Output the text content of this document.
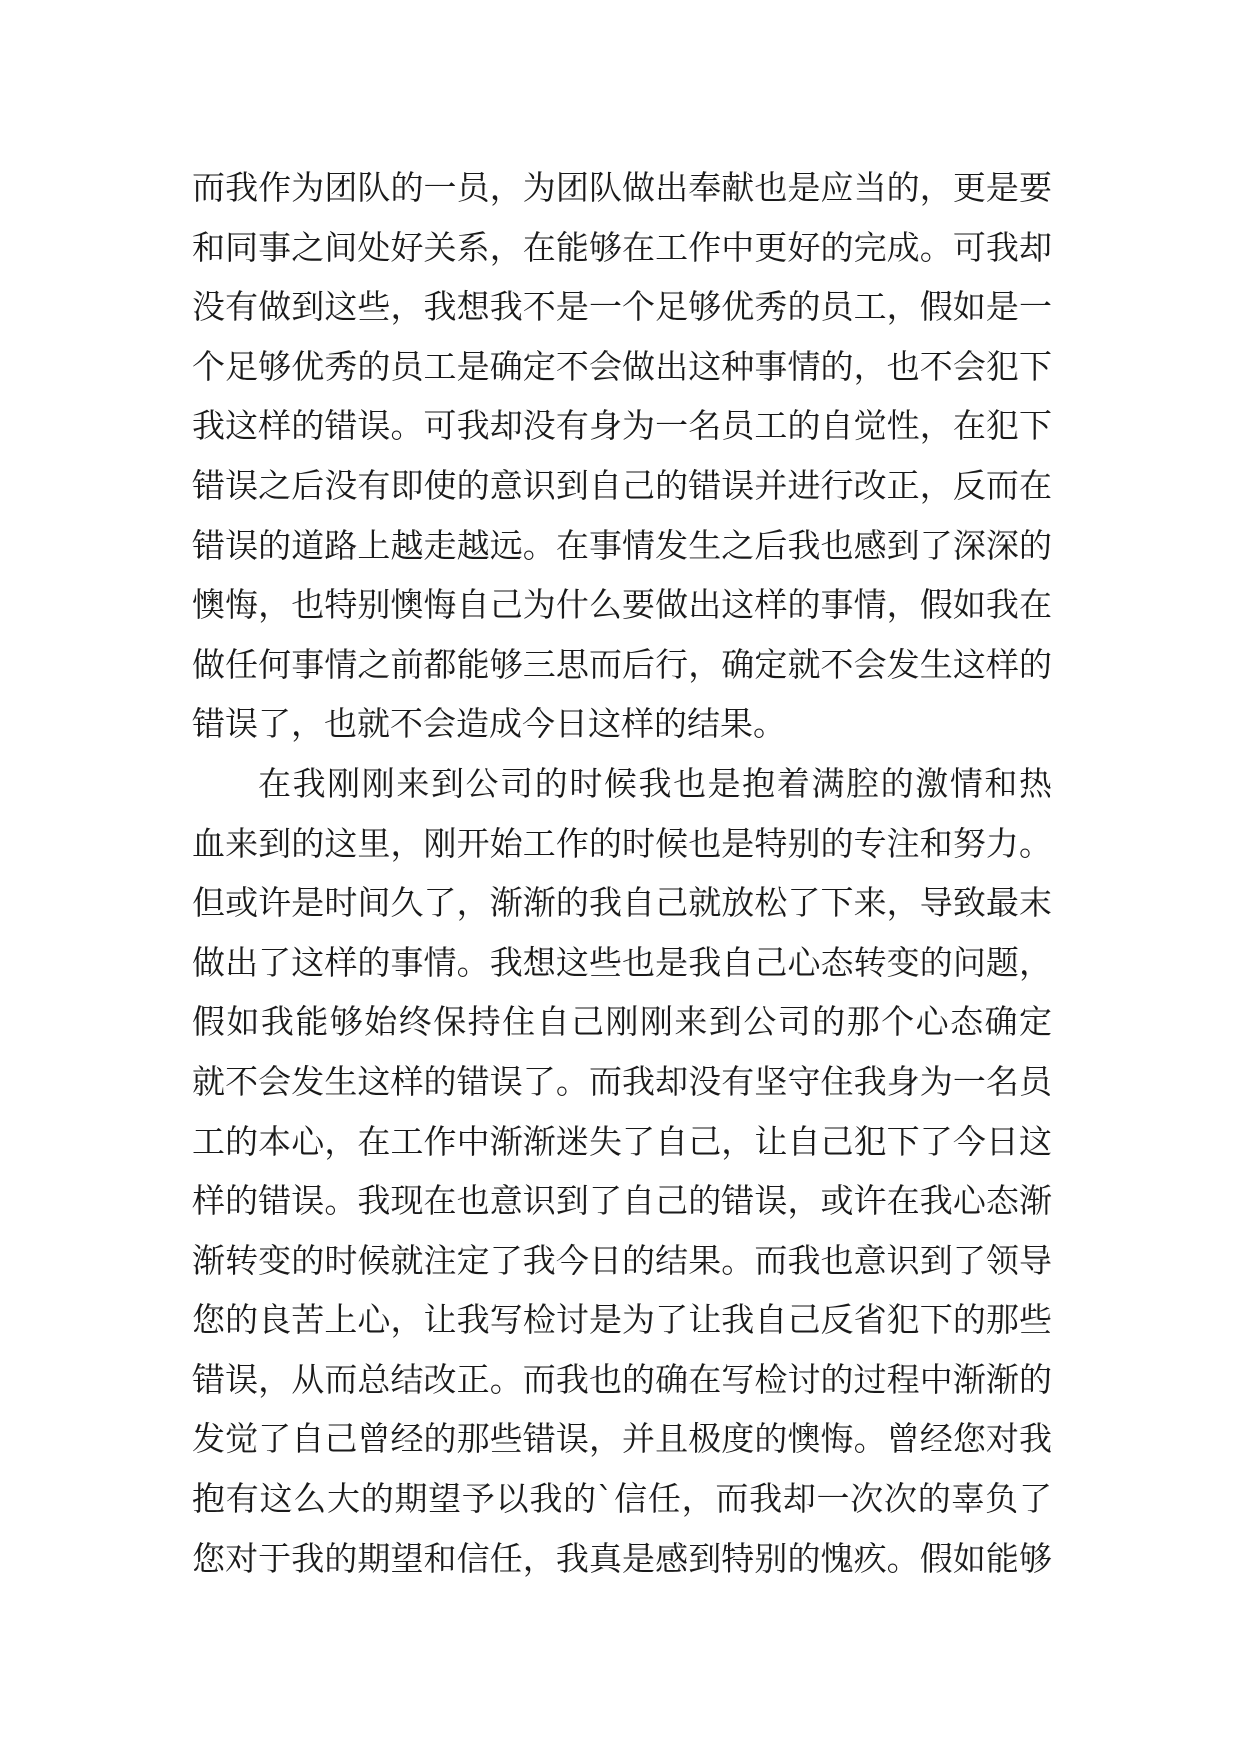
而我作为团队的一员，为团队做出奉献也是应当的，更是要
和同事之间处好关系，在能够在工作中更好的完成。可我却
没有做到这些，我想我不是一个足够优秀的员工，假如是一
个足够优秀的员工是确定不会做出这种事情的，也不会犯下
我这样的错误。可我却没有身为一名员工的自觉性，在犯下
错误之后没有即使的意识到自己的错误并进行改正，反而在
错误的道路上越走越远。在事情发生之后我也感到了深深的
懊悔，也特别懊悔自己为什么要做出这样的事情，假如我在
做任何事情之前都能够三思而后行，确定就不会发生这样的
错误了，也就不会造成今日这样的结果。
在我刚刚来到公司的时候我也是抱着满腔的激情和热
血来到的这里，刚开始工作的时候也是特别的专注和努力。
但或许是时间久了，渐渐的我自己就放松了下来，导致最末
做出了这样的事情。我想这些也是我自己心态转变的问题，
假如我能够始终保持住自己刚刚来到公司的那个心态确定
就不会发生这样的错误了。而我却没有坚守住我身为一名员
工的本心，在工作中渐渐迷失了自己，让自己犯下了今日这
样的错误。我现在也意识到了自己的错误，或许在我心态渐
渐转变的时候就注定了我今日的结果。而我也意识到了领导
您的良苦上心，让我写检讨是为了让我自己反省犯下的那些
错误，从而总结改正。而我也的确在写检讨的过程中渐渐的
发觉了自己曾经的那些错误，并且极度的懊悔。曾经您对我
抱有这么大的期望予以我的`信任，而我却一次次的辜负了
您对于我的期望和信任，我真是感到特别的愧疚。假如能够
